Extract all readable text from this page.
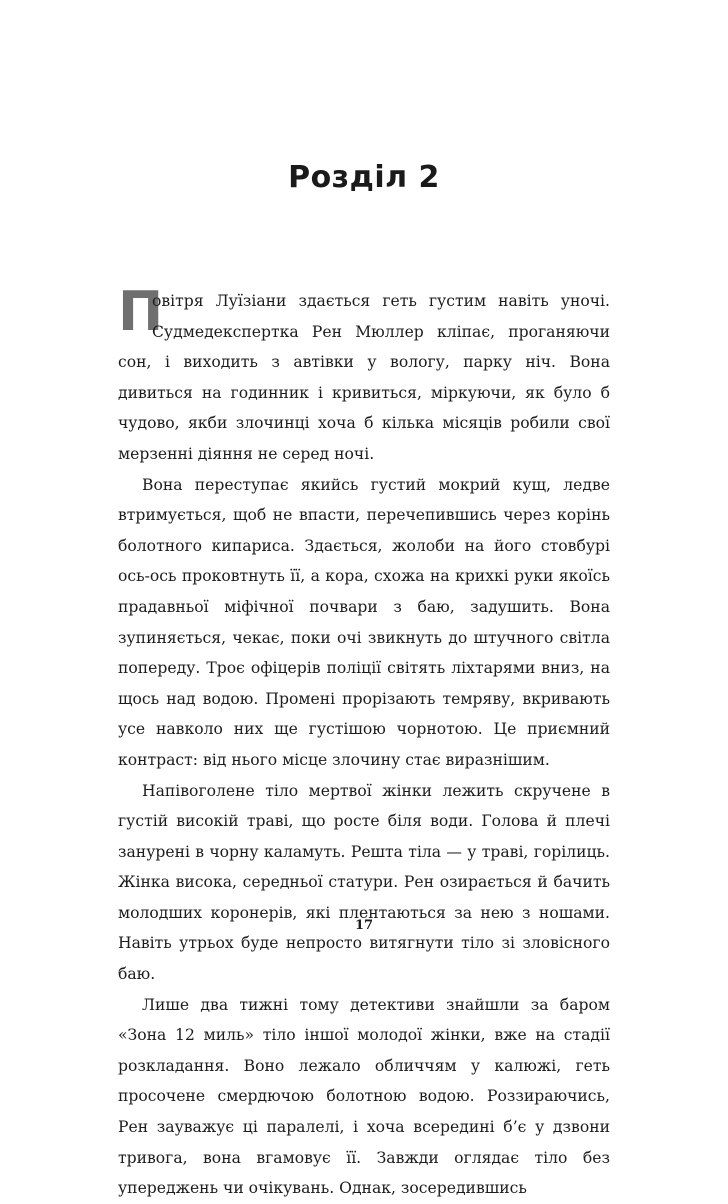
Розділ 2

П
овітря Луїзіани здається геть густим навіть уночі. Судмедекспертка Рен Мюллер кліпає, проганяючи сон, і виходить з автівки у вологу, парку ніч. Вона дивиться на годинник і кривиться, міркуючи, як було б чудово, якби злочинці хоча б кілька місяців робили свої мерзенні діяння не серед ночі.

Вона переступає якийсь густий мокрий кущ, ледве втримується, щоб не впасти, перечепившись через корінь болотного кипариса. Здається, жолоби на його стовбурі ось-ось проковтнуть її, а кора, схожа на крихкі руки якоїсь прадавньої міфічної почвари з баю, задушить. Вона зупиняється, чекає, поки очі звикнуть до штучного світла попереду. Троє офіцерів поліції світять ліхтарями вниз, на щось над водою. Промені прорізають темряву, вкривають усе навколо них ще густішою чорнотою. Це приємний контраст: від нього місце злочину стає виразнішим.

Напівоголене тіло мертвої жінки лежить скручене в густій високій траві, що росте біля води. Голова й плечі занурені в чорну каламуть. Решта тіла — у траві, горілиць. Жінка висока, середньої статури. Рен озирається й бачить молодших коронерів, які плентаються за нею з ношами. Навіть утрьох буде непросто витягнути тіло зі зловісного баю.

Лише два тижні тому детективи знайшли за баром «Зона 12 миль» тіло іншої молодої жінки, вже на стадії розкладання. Воно лежало обличчям у калюжі, геть просочене смердючою болотною водою. Роззираючись, Рен зауважує ці паралелі, і хоча всередині б’є у дзвони тривога, вона вгамовує її. Завжди оглядає тіло без упереджень чи очікувань. Однак, зосередившись

17
